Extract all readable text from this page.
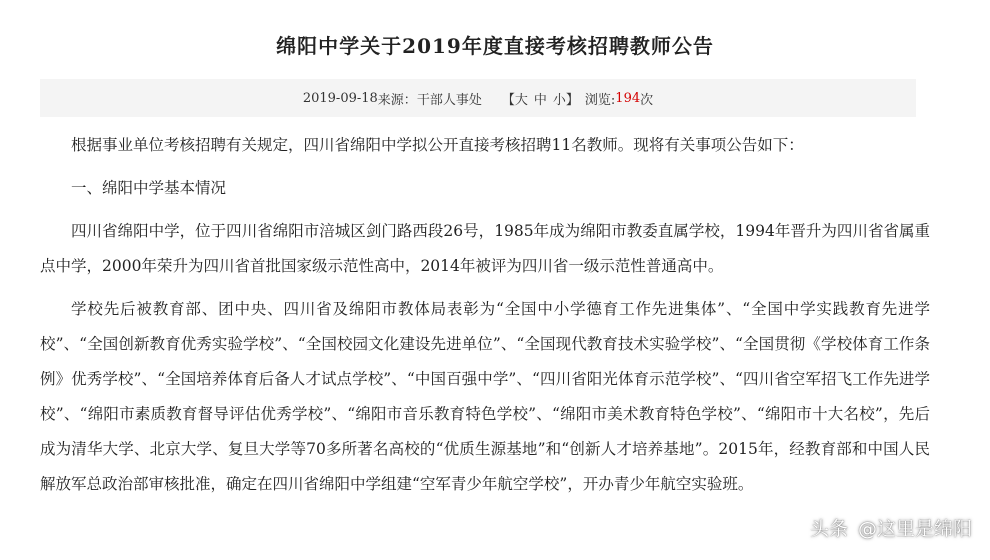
绵阳中学关于2019年度直接考核招聘教师公告
2019-09-18 来源： 干部人事处 【 大 中 小 】 浏览: 194 次

根据事业单位考核招聘有关规定，四川省绵阳中学拟公开直接考核招聘11名教师。现将有关事项公告如下：

一、绵阳中学基本情况

四川省绵阳中学，位于四川省绵阳市涪城区剑门路西段26号，1985年成为绵阳市教委直属学校，1994年晋升为四川省省属重点中学，2000年荣升为四川省首批国家级示范性高中，2014年被评为四川省一级示范性普通高中。

学校先后被教育部、团中央、四川省及绵阳市教体局表彰为“全国中小学德育工作先进集体”、“全国中学实践教育先进学校”、“全国创新教育优秀实验学校”、“全国校园文化建设先进单位”、“全国现代教育技术实验学校”、“全国贯彻《学校体育工作条例》优秀学校”、“全国培养体育后备人才试点学校”、“中国百强中学”、“四川省阳光体育示范学校”、“四川省空军招飞工作先进学校”、“绵阳市素质教育督导评估优秀学校”、“绵阳市音乐教育特色学校”、“绵阳市美术教育特色学校”、“绵阳市十大名校”，先后成为清华大学、北京大学、复旦大学等70多所著名高校的“优质生源基地”和“创新人才培养基地”。2015年，经教育部和中国人民解放军总政治部审核批准，确定在四川省绵阳中学组建“空军青少年航空学校”，开办青少年航空实验班。

头条 @这里是绵阳
